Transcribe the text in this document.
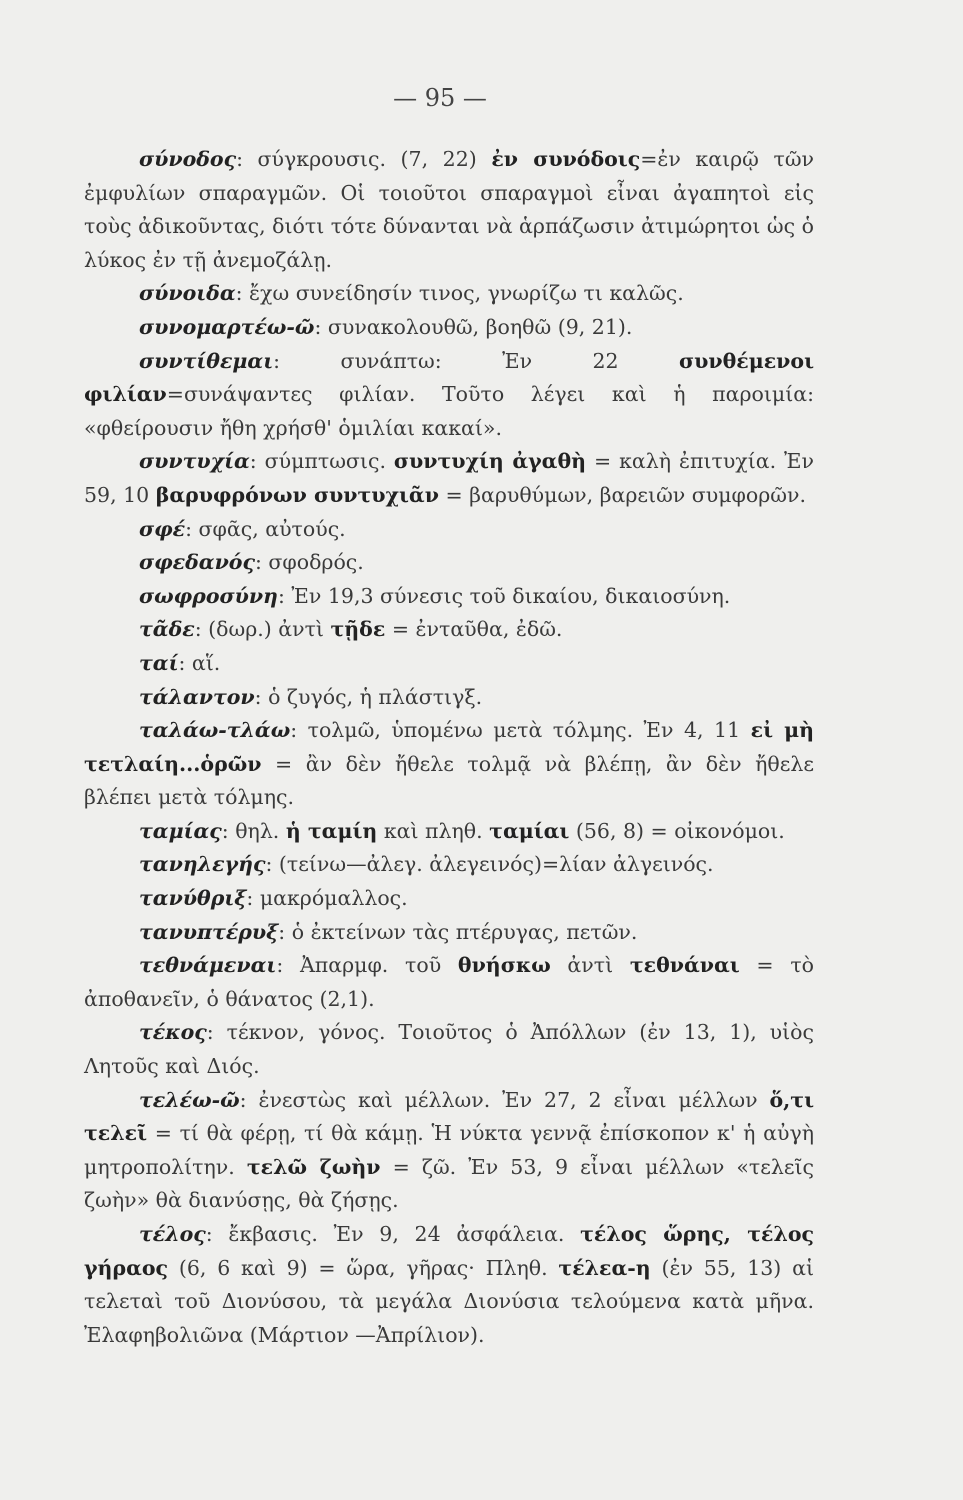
— 95 —

σύνοδος: σύγκρουσις. (7, 22) ἐν συνόδοις=ἐν καιρῷ τῶν ἐμφυλίων σπαραγμῶν. Οἱ τοιοῦτοι σπαραγμοὶ εἶναι ἀγαπητοὶ εἰς τοὺς ἀδικοῦντας, διότι τότε δύνανται νὰ ἁρπάζωσιν ἀτιμώρητοι ὡς ὁ λύκος ἐν τῇ ἀνεμοζάλῃ.

σύνοιδα: ἔχω συνείδησίν τινος, γνωρίζω τι καλῶς.

συνομαρτέω-ῶ: συνακολουθῶ, βοηθῶ (9, 21).

συντίθεμαι: συνάπτω: Ἐν 22 συνθέμενοι φιλίαν=συνάψαντες φιλίαν. Τοῦτο λέγει καὶ ἡ παροιμία: «φθείρουσιν ἤθη χρήσθ' ὁμιλίαι κακαί».

συντυχία: σύμπτωσις. συντυχίη ἀγαθὴ = καλὴ ἐπιτυχία. Ἐν 59, 10 βαρυφρόνων συντυχιᾶν = βαρυθύμων, βαρειῶν συμφορῶν.

σφέ: σφᾶς, αὐτούς.

σφεδανός: σφοδρός.

σωφροσύνη: Ἐν 19,3 σύνεσις τοῦ δικαίου, δικαιοσύνη.

τᾶδε: (δωρ.) ἀντὶ τῇδε = ἐνταῦθα, ἐδῶ.

ταί: αἵ.

τάλαντον: ὁ ζυγός, ἡ πλάστιγξ.

ταλάω-τλάω: τολμῶ, ὑπομένω μετὰ τόλμης. Ἐν 4, 11 εἰ μὴ τετλαίη...ὁρῶν = ἂν δὲν ἤθελε τολμᾷ νὰ βλέπῃ, ἂν δὲν ἤθελε βλέπει μετὰ τόλμης.

ταμίας: θηλ. ἡ ταμίη καὶ πληθ. ταμίαι (56, 8) = οἰκονόμοι.

τανηλεγής: (τείνω—ἀλεγ. ἀλεγεινός)=λίαν ἀλγεινός.

τανύθριξ: μακρόμαλλος.

τανυπτέρυξ: ὁ ἐκτείνων τὰς πτέρυγας, πετῶν.

τεθνάμεναι: Ἀπαρμφ. τοῦ θνήσκω ἀντὶ τεθνάναι = τὸ ἀποθανεῖν, ὁ θάνατος (2,1).

τέκος: τέκνον, γόνος. Τοιοῦτος ὁ Ἀπόλλων (ἐν 13, 1), υἱὸς Λητοῦς καὶ Διός.

τελέω-ῶ: ἐνεστὼς καὶ μέλλων. Ἐν 27, 2 εἶναι μέλλων ὅ,τι τελεῖ = τί θὰ φέρῃ, τί θὰ κάμῃ. Ἡ νύκτα γεννᾷ ἐπίσκοπον κ' ἡ αὐγὴ μητροπολίτην. τελῶ ζωὴν = ζῶ. Ἐν 53, 9 εἶναι μέλλων «τελεῖς ζωὴν» θὰ διανύσῃς, θὰ ζήσῃς.

τέλος: ἔκβασις. Ἐν 9, 24 ἀσφάλεια. τέλος ὥρης, τέλος γήραος (6, 6 καὶ 9) = ὥρα, γῆρας· Πληθ. τέλεα-η (ἐν 55, 13) αἱ τελεταὶ τοῦ Διονύσου, τὰ μεγάλα Διονύσια τελούμενα κατὰ μῆνα. Ἐλαφηβολιῶνα (Μάρτιον —Ἀπρίλιον).
